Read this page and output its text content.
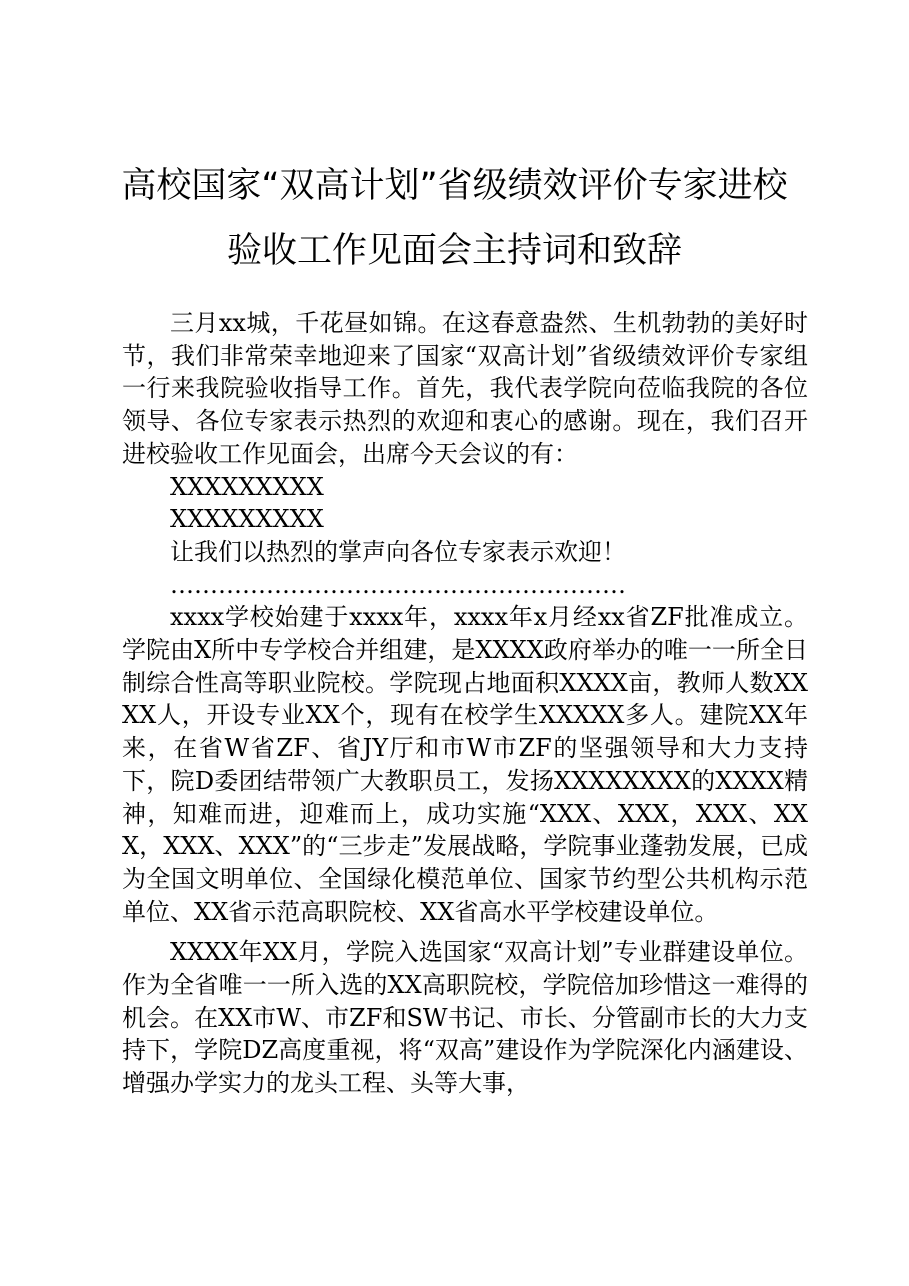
高校国家“双高计划”省级绩效评价专家进校
验收工作见面会主持词和致辞

三月xx城，千花昼如锦。在这春意盎然、生机勃勃的美好时节，我们非常荣幸地迎来了国家“双高计划”省级绩效评价专家组一行来我院验收指导工作。首先，我代表学院向莅临我院的各位领导、各位专家表示热烈的欢迎和衷心的感谢。现在，我们召开进校验收工作见面会，出席今天会议的有：

XXXXXXXXX

XXXXXXXXX

让我们以热烈的掌声向各位专家表示欢迎！

…………………………………………………

xxxx学校始建于xxxx年，xxxx年x月经xx省ZF批准成立。学院由X所中专学校合并组建，是XXXX政府举办的唯一一所全日制综合性高等职业院校。学院现占地面积XXXX亩，教师人数XXXX人，开设专业XX个，现有在校学生XXXXX多人。建院XX年来，在省W省ZF、省JY厅和市W市ZF的坚强领导和大力支持下，院D委团结带领广大教职员工，发扬XXXXXXXX的XXXX精神，知难而进，迎难而上，成功实施“XXX、XXX，XXX、XXX，XXX、XXX”的“三步走”发展战略，学院事业蓬勃发展，已成为全国文明单位、全国绿化模范单位、国家节约型公共机构示范单位、XX省示范高职院校、XX省高水平学校建设单位。

XXXX年XX月，学院入选国家“双高计划”专业群建设单位。作为全省唯一一所入选的XX高职院校，学院倍加珍惜这一难得的机会。在XX市W、市ZF和SW书记、市长、分管副市长的大力支持下，学院DZ高度重视，将“双高”建设作为学院深化内涵建设、增强办学实力的龙头工程、头等大事，
